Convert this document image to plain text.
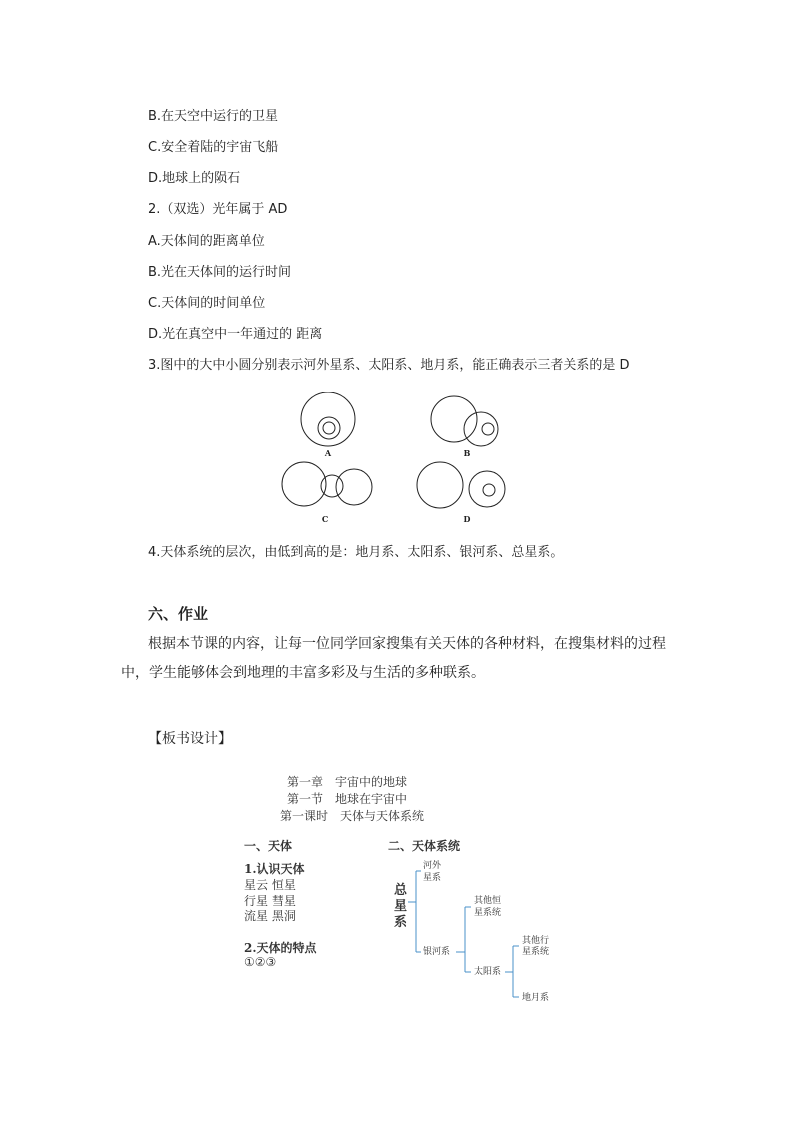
B.在天空中运行的卫星
C.安全着陆的宇宙飞船
D.地球上的陨石
2.（双选）光年属于 AD
A.天体间的距离单位
B.光在天体间的运行时间
C.天体间的时间单位
D.光在真空中一年通过的 距离
3.图中的大中小圆分别表示河外星系、太阳系、地月系，能正确表示三者关系的是 D
A	B
C	D
4.天体系统的层次，由低到高的是：地月系、太阳系、银河系、总星系。
六、作业
根据本节课的内容，让每一位同学回家搜集有关天体的各种材料，在搜集材料的过程中，学生能够体会到地理的丰富多彩及与生活的多种联系。
【板书设计】
第一章　宇宙中的地球
第一节　地球在宇宙中
第一课时　天体与天体系统
一、天体
1.认识天体
星云 恒星
行星 彗星
流星 黑洞
2.天体的特点
①②③
二、天体系统
总星系
河外
星系
银河系
其他恒
星系统
太阳系
其他行
星系统
地月系
